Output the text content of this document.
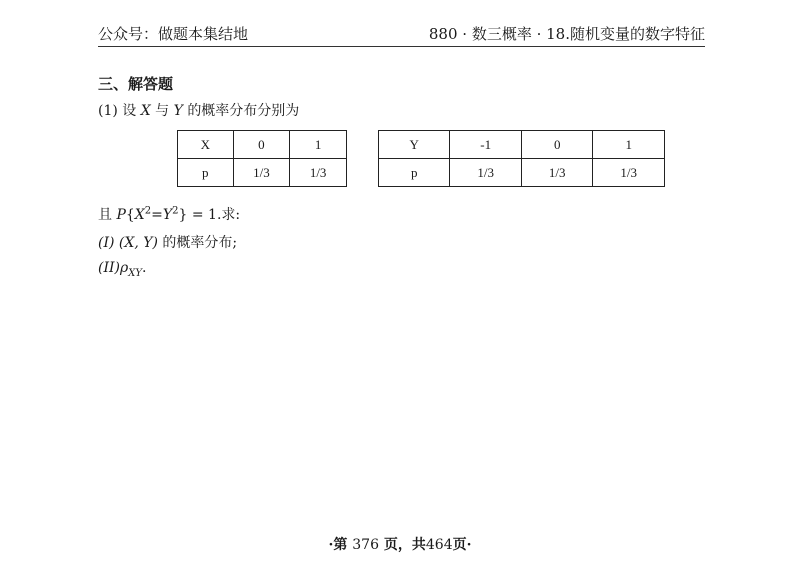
公众号：做题本集结地	880 · 数三概率 · 18.随机变量的数字特征
三、解答题
(1) 设 X 与 Y 的概率分布分别为
X	0	1
p	1/3	1/3
Y	-1	0	1
p	1/3	1/3	1/3
且 $P\{X^2=Y^2\} = 1$.求:
(I) (X, Y) 的概率分布;
$(II)\rho_{XY}$.
·第 376 页，共464页·
